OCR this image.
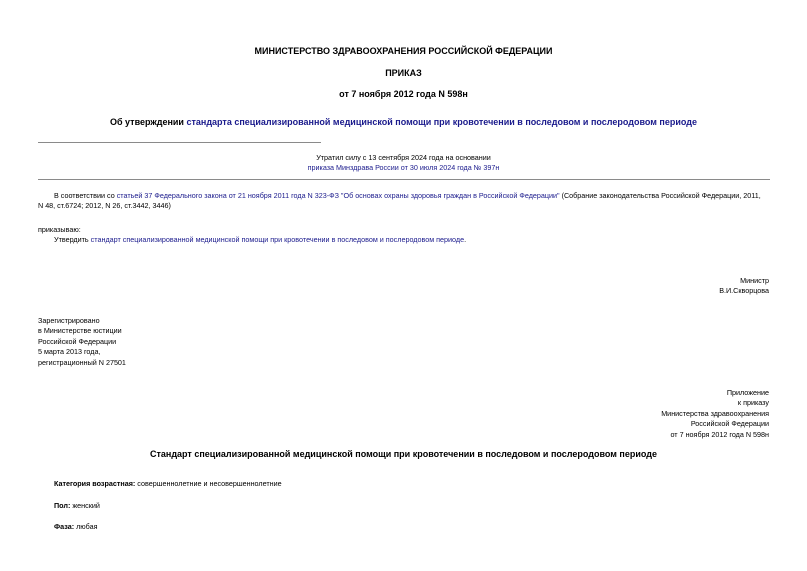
МИНИСТЕРСТВО ЗДРАВООХРАНЕНИЯ РОССИЙСКОЙ ФЕДЕРАЦИИ
ПРИКАЗ
от 7 ноября 2012 года N 598н
Об утверждении стандарта специализированной медицинской помощи при кровотечении в последовом и послеродовом периоде
Утратил силу с 13 сентября 2024 года на основании
приказа Минздрава России от 30 июля 2024 года № 397н
В соответствии со статьей 37 Федерального закона от 21 ноября 2011 года N 323-ФЗ "Об основах охраны здоровья граждан в Российской Федерации" (Собрание законодательства Российской Федерации, 2011,
N 48, ст.6724; 2012, N 26, ст.3442, 3446)
приказываю:
Утвердить стандарт специализированной медицинской помощи при кровотечении в последовом и послеродовом периоде.
Министр
В.И.Скворцова
Зарегистрировано
в Министерстве юстиции
Российской Федерации
5 марта 2013 года,
регистрационный N 27501
Приложение
к приказу
Министерства здравоохранения
Российской Федерации
от 7 ноября 2012 года N 598н
Стандарт специализированной медицинской помощи при кровотечении в последовом и послеродовом периоде
Категория возрастная: совершеннолетние и несовершеннолетние
Пол: женский
Фаза: любая
